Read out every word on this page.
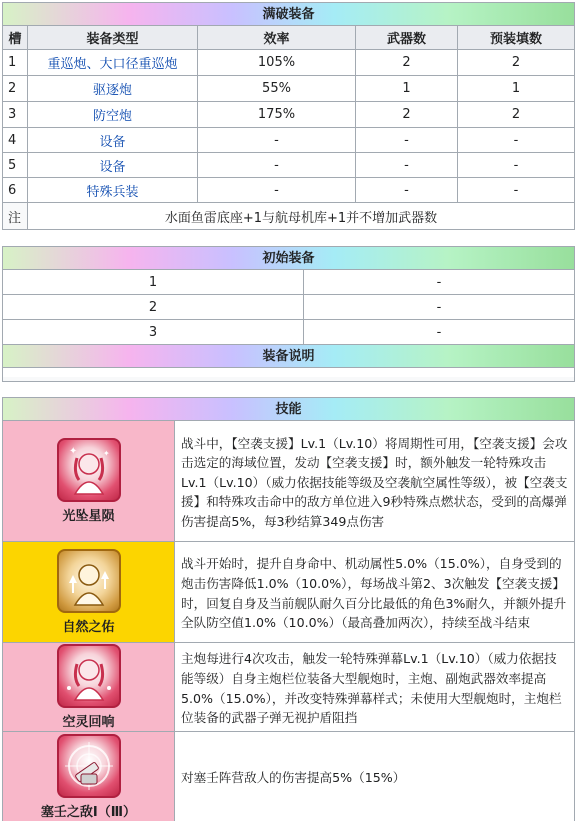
满破装备
槽	装备类型	效率	武器数	预装填数
1	重巡炮、大口径重巡炮	105%	2	2
2	驱逐炮	55%	1	1
3	防空炮	175%	2	2
4	设备	-	-	-
5	设备	-	-	-
6	特殊兵装	-	-	-
注	水面鱼雷底座+1与航母机库+1并不增加武器数
初始装备
1	-
2	-
3	-
装备说明
技能
✦	✦
光坠星陨
战斗中，【空袭支援】Lv.1（Lv.10）将周期性可用，【空袭支援】会攻击选定的海域位置，发动【空袭支援】时，额外触发一轮特殊攻击Lv.1（Lv.10）（威力依据技能等级及空袭航空属性等级），被【空袭支援】和特殊攻击命中的敌方单位进入9秒特殊点燃状态，受到的高爆弹伤害提高5%，每3秒结算349点伤害
自然之佑
战斗开始时，提升自身命中、机动属性5.0%（15.0%），自身受到的炮击伤害降低1.0%（10.0%），每场战斗第2、3次触发【空袭支援】时，回复自身及当前舰队耐久百分比最低的角色3%耐久，并额外提升全队防空值1.0%（10.0%）（最高叠加两次），持续至战斗结束
空灵回响
主炮每进行4次攻击，触发一轮特殊弹幕Lv.1（Lv.10）（威力依据技能等级）自身主炮栏位装备大型舰炮时，主炮、副炮武器效率提高5.0%（15.0%），并改变特殊弹幕样式；未使用大型舰炮时，主炮栏位装备的武器子弹无视护盾阻挡
塞壬之敌Ⅰ（Ⅲ）
对塞壬阵营敌人的伤害提高5%（15%）
